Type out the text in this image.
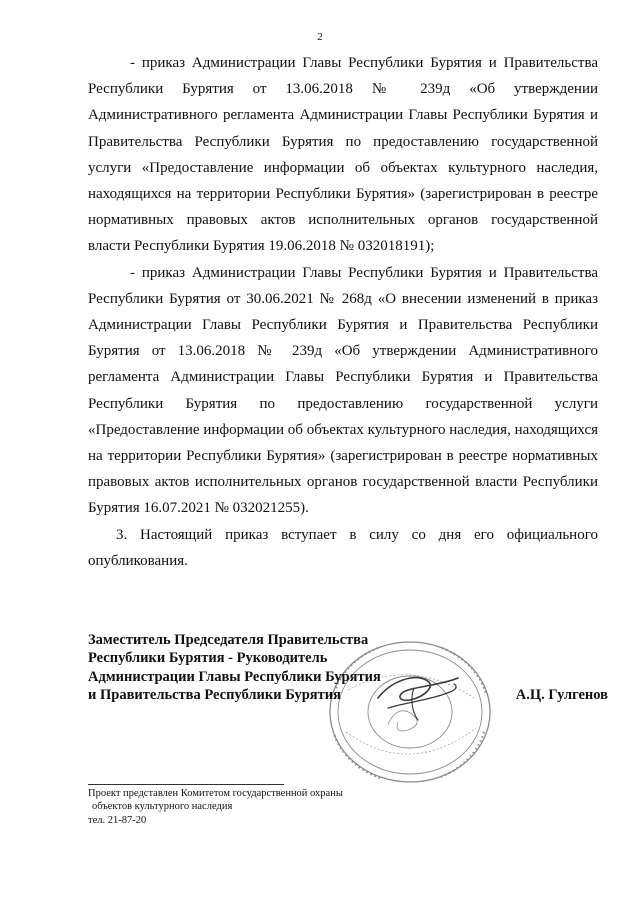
2

- приказ Администрации Главы Республики Бурятия и Правительства Республики Бурятия от 13.06.2018 № 239д «Об утверждении Административного регламента Администрации Главы Республики Бурятия и Правительства Республики Бурятия по предоставлению государственной услуги «Предоставление информации об объектах культурного наследия, находящихся на территории Республики Бурятия» (зарегистрирован в реестре нормативных правовых актов исполнительных органов государственной власти Республики Бурятия 19.06.2018 № 032018191);

- приказ Администрации Главы Республики Бурятия и Правительства Республики Бурятия от 30.06.2021 № 268д «О внесении изменений в приказ Администрации Главы Республики Бурятия и Правительства Республики Бурятия от 13.06.2018 № 239д «Об утверждении Административного регламента Администрации Главы Республики Бурятия и Правительства Республики Бурятия по предоставлению государственной услуги «Предоставление информации об объектах культурного наследия, находящихся на территории Республики Бурятия» (зарегистрирован в реестре нормативных правовых актов исполнительных органов государственной власти Республики Бурятия 16.07.2021 № 032021255).

3. Настоящий приказ вступает в силу со дня его официального опубликования.

Заместитель Председателя Правительства
Республики Бурятия - Руководитель
Администрации Главы Республики Бурятия
и Правительства Республики Бурятия	А.Ц. Гулгенов
Проект представлен Комитетом государственной охраны
объектов культурного наследия
тел. 21-87-20
